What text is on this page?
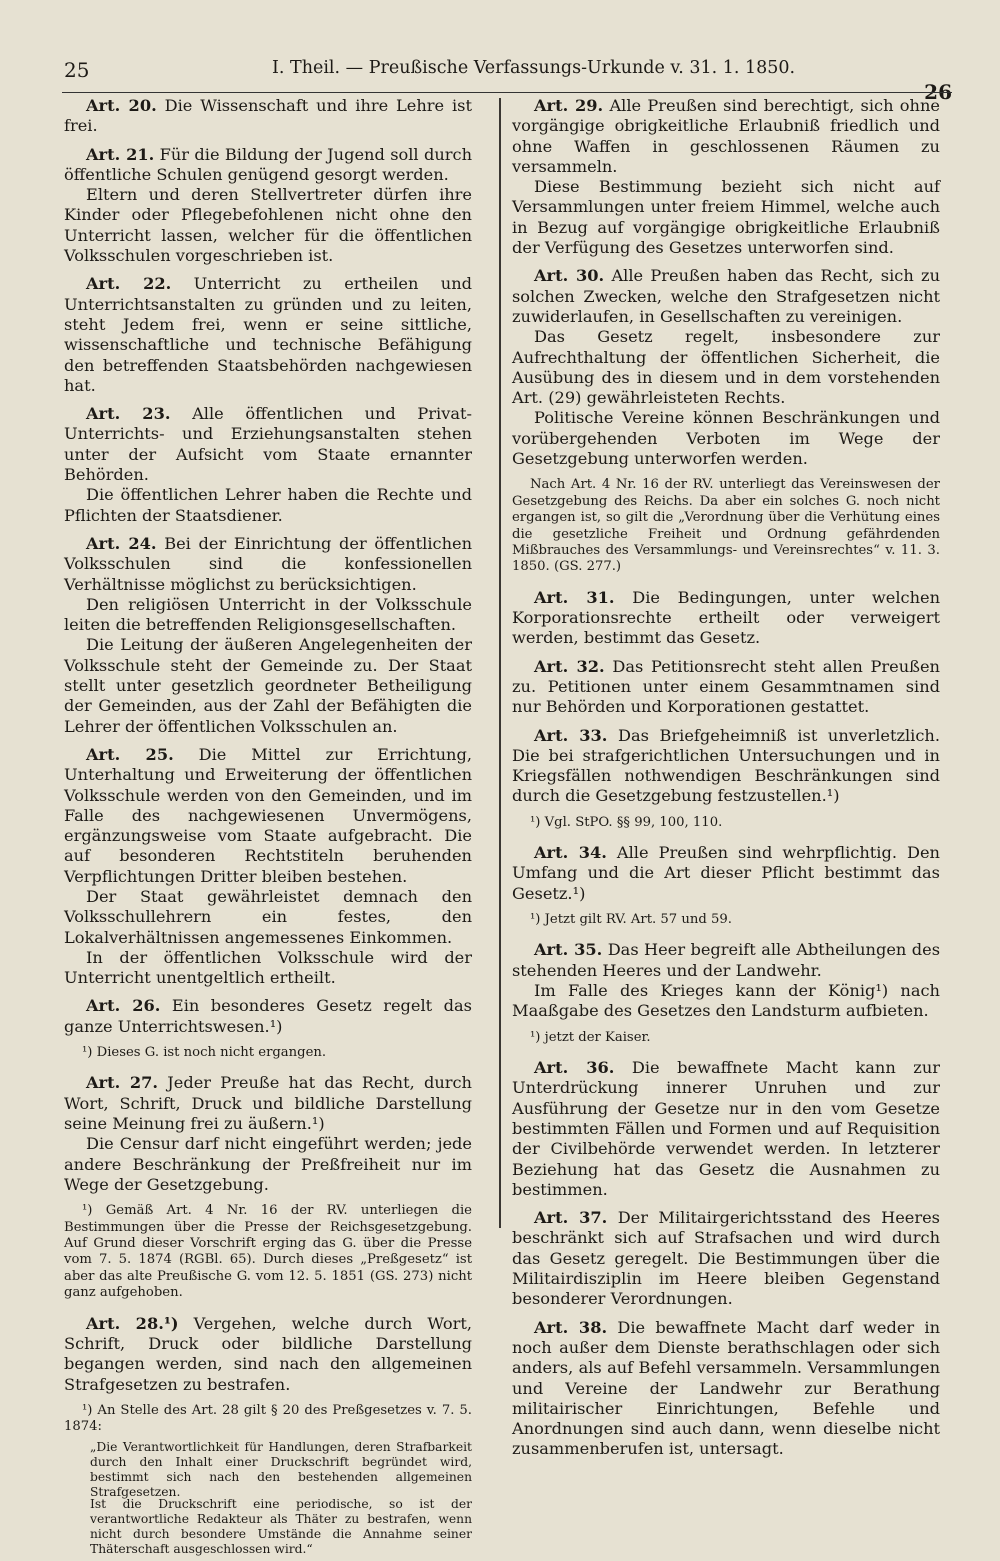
25	I. Theil. — Preußische Verfassungs-Urkunde v. 31. 1. 1850.
26
Art. 20. Die Wissenschaft und ihre Lehre ist frei.
Art. 21. Für die Bildung der Jugend soll durch öffentliche Schulen genügend gesorgt werden.
Eltern und deren Stellvertreter dürfen ihre Kinder oder Pflegebefohlenen nicht ohne den Unterricht lassen, welcher für die öffentlichen Volksschulen vorgeschrieben ist.
Art. 22. Unterricht zu ertheilen und Unterrichtsanstalten zu gründen und zu leiten, steht Jedem frei, wenn er seine sittliche, wissenschaftliche und technische Befähigung den betreffenden Staatsbehörden nachgewiesen hat.
Art. 23. Alle öffentlichen und Privat-Unterrichts- und Erziehungsanstalten stehen unter der Aufsicht vom Staate ernannter Behörden.
Die öffentlichen Lehrer haben die Rechte und Pflichten der Staatsdiener.
Art. 24. Bei der Einrichtung der öffentlichen Volksschulen sind die konfessionellen Verhältnisse möglichst zu berücksichtigen.
Den religiösen Unterricht in der Volksschule leiten die betreffenden Religionsgesellschaften.
Die Leitung der äußeren Angelegenheiten der Volksschule steht der Gemeinde zu. Der Staat stellt unter gesetzlich geordneter Betheiligung der Gemeinden, aus der Zahl der Befähigten die Lehrer der öffentlichen Volksschulen an.
Art. 25. Die Mittel zur Errichtung, Unterhaltung und Erweiterung der öffentlichen Volksschule werden von den Gemeinden, und im Falle des nachgewiesenen Unvermögens, ergänzungsweise vom Staate aufgebracht. Die auf besonderen Rechtstiteln beruhenden Verpflichtungen Dritter bleiben bestehen.
Der Staat gewährleistet demnach den Volksschullehrern ein festes, den Lokalverhältnissen angemessenes Einkommen.
In der öffentlichen Volksschule wird der Unterricht unentgeltlich ertheilt.
Art. 26. Ein besonderes Gesetz regelt das ganze Unterrichtswesen.¹)
¹) Dieses G. ist noch nicht ergangen.
Art. 27. Jeder Preuße hat das Recht, durch Wort, Schrift, Druck und bildliche Darstellung seine Meinung frei zu äußern.¹)
Die Censur darf nicht eingeführt werden; jede andere Beschränkung der Preßfreiheit nur im Wege der Gesetzgebung.
¹) Gemäß Art. 4 Nr. 16 der RV. unterliegen die Bestimmungen über die Presse der Reichsgesetzgebung. Auf Grund dieser Vorschrift erging das G. über die Presse vom 7. 5. 1874 (RGBl. 65). Durch dieses „Preßgesetz“ ist aber das alte Preußische G. vom 12. 5. 1851 (GS. 273) nicht ganz aufgehoben.
Art. 28.¹) Vergehen, welche durch Wort, Schrift, Druck oder bildliche Darstellung begangen werden, sind nach den allgemeinen Strafgesetzen zu bestrafen.
¹) An Stelle des Art. 28 gilt § 20 des Preßgesetzes v. 7. 5. 1874:
„Die Verantwortlichkeit für Handlungen, deren Strafbarkeit durch den Inhalt einer Druckschrift begründet wird, bestimmt sich nach den bestehenden allgemeinen Strafgesetzen.
Ist die Druckschrift eine periodische, so ist der verantwortliche Redakteur als Thäter zu bestrafen, wenn nicht durch besondere Umstände die Annahme seiner Thäterschaft ausgeschlossen wird.“
Art. 29. Alle Preußen sind berechtigt, sich ohne vorgängige obrigkeitliche Erlaubniß friedlich und ohne Waffen in geschlossenen Räumen zu versammeln.
Diese Bestimmung bezieht sich nicht auf Versammlungen unter freiem Himmel, welche auch in Bezug auf vorgängige obrigkeitliche Erlaubniß der Verfügung des Gesetzes unterworfen sind.
Art. 30. Alle Preußen haben das Recht, sich zu solchen Zwecken, welche den Strafgesetzen nicht zuwiderlaufen, in Gesellschaften zu vereinigen.
Das Gesetz regelt, insbesondere zur Aufrechthaltung der öffentlichen Sicherheit, die Ausübung des in diesem und in dem vorstehenden Art. (29) gewährleisteten Rechts.
Politische Vereine können Beschränkungen und vorübergehenden Verboten im Wege der Gesetzgebung unterworfen werden.
Nach Art. 4 Nr. 16 der RV. unterliegt das Vereinswesen der Gesetzgebung des Reichs. Da aber ein solches G. noch nicht ergangen ist, so gilt die „Verordnung über die Verhütung eines die gesetzliche Freiheit und Ordnung gefährdenden Mißbrauches des Versammlungs- und Vereinsrechtes“ v. 11. 3. 1850. (GS. 277.)
Art. 31. Die Bedingungen, unter welchen Korporationsrechte ertheilt oder verweigert werden, bestimmt das Gesetz.
Art. 32. Das Petitionsrecht steht allen Preußen zu. Petitionen unter einem Gesammtnamen sind nur Behörden und Korporationen gestattet.
Art. 33. Das Briefgeheimniß ist unverletzlich. Die bei strafgerichtlichen Untersuchungen und in Kriegsfällen nothwendigen Beschränkungen sind durch die Gesetzgebung festzustellen.¹)
¹) Vgl. StPO. §§ 99, 100, 110.
Art. 34. Alle Preußen sind wehrpflichtig. Den Umfang und die Art dieser Pflicht bestimmt das Gesetz.¹)
¹) Jetzt gilt RV. Art. 57 und 59.
Art. 35. Das Heer begreift alle Abtheilungen des stehenden Heeres und der Landwehr.
Im Falle des Krieges kann der König¹) nach Maaßgabe des Gesetzes den Landsturm aufbieten.
¹) jetzt der Kaiser.
Art. 36. Die bewaffnete Macht kann zur Unterdrückung innerer Unruhen und zur Ausführung der Gesetze nur in den vom Gesetze bestimmten Fällen und Formen und auf Requisition der Civilbehörde verwendet werden. In letzterer Beziehung hat das Gesetz die Ausnahmen zu bestimmen.
Art. 37. Der Militairgerichtsstand des Heeres beschränkt sich auf Strafsachen und wird durch das Gesetz geregelt. Die Bestimmungen über die Militairdisziplin im Heere bleiben Gegenstand besonderer Verordnungen.
Art. 38. Die bewaffnete Macht darf weder in noch außer dem Dienste berathschlagen oder sich anders, als auf Befehl versammeln. Versammlungen und Vereine der Landwehr zur Berathung militairischer Einrichtungen, Befehle und Anordnungen sind auch dann, wenn dieselbe nicht zusammenberufen ist, untersagt.
